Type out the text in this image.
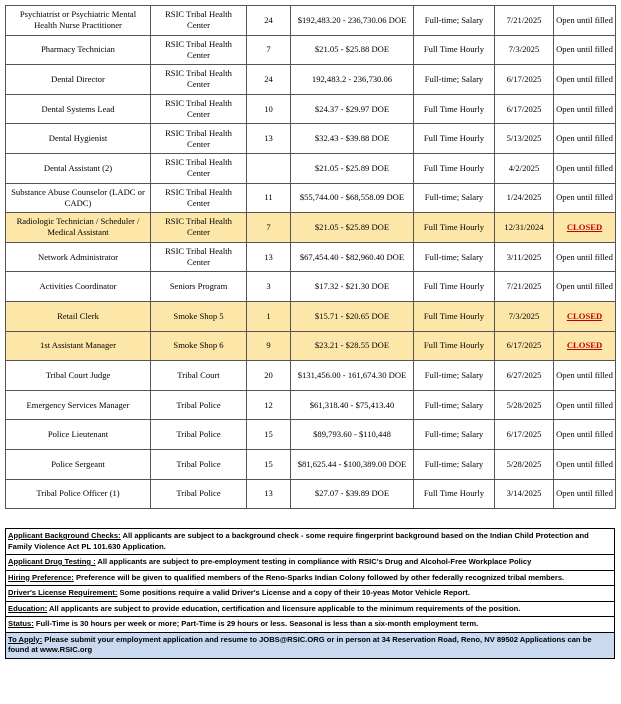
Psychiatrist or Psychiatric Mental Health Nurse Practitioner	RSIC Tribal Health Center	24	$192,483.20 - 236,730.06 DOE	Full-time; Salary	7/21/2025	Open until filled
Pharmacy Technician	RSIC Tribal Health Center	7	$21.05 - $25.88 DOE	Full Time Hourly	7/3/2025	Open until filled
Dental Director	RSIC Tribal Health Center	24	192,483.2 - 236,730.06	Full-time; Salary	6/17/2025	Open until filled
Dental Systems Lead	RSIC Tribal Health Center	10	$24.37 - $29.97 DOE	Full Time Hourly	6/17/2025	Open until filled
Dental Hygienist	RSIC Tribal Health Center	13	$32.43 - $39.88 DOE	Full Time Hourly	5/13/2025	Open until filled
Dental Assistant (2)	RSIC Tribal Health Center		$21.05 - $25.89 DOE	Full Time Hourly	4/2/2025	Open until filled
Substance Abuse Counselor (LADC or CADC)	RSIC Tribal Health Center	11	$55,744.00 - $68,558.09 DOE	Full-time; Salary	1/24/2025	Open until filled
Radiologic Technician / Scheduler / Medical Assistant	RSIC Tribal Health Center	7	$21.05 - $25.89 DOE	Full Time Hourly	12/31/2024	CLOSED
Network Administrator	RSIC Tribal Health Center	13	$67,454.40 - $82,960.40 DOE	Full-time; Salary	3/11/2025	Open until filled
Activities Coordinator	Seniors Program	3	$17.32 - $21.30 DOE	Full Time Hourly	7/21/2025	Open until filled
Retail Clerk	Smoke Shop 5	1	$15.71 - $20.65 DOE	Full Time Hourly	7/3/2025	CLOSED
1st Assistant Manager	Smoke Shop 6	9	$23.21 - $28.55 DOE	Full Time Hourly	6/17/2025	CLOSED
Tribal Court Judge	Tribal Court	20	$131,456.00 - 161,674.30 DOE	Full-time; Salary	6/27/2025	Open until filled
Emergency Services Manager	Tribal Police	12	$61,318.40 - $75,413.40	Full-time; Salary	5/28/2025	Open until filled
Police Lieutenant	Tribal Police	15	$89,793.60 - $110,448	Full-time; Salary	6/17/2025	Open until filled
Police Sergeant	Tribal Police	15	$81,625.44 - $100,389.00 DOE	Full-time; Salary	5/28/2025	Open until filled
Tribal Police Officer (1)	Tribal Police	13	$27.07 - $39.89 DOE	Full Time Hourly	3/14/2025	Open until filled
Applicant Background Checks: All applicants are subject to a background check - some require fingerprint background based on the Indian Child Protection and Family Violence Act PL 101.630 Application.
Applicant Drug Testing : All applicants are subject to pre-employment testing in compliance with RSIC's Drug and Alcohol-Free Workplace Policy
Hiring Preference: Preference will be given to qualified members of the Reno-Sparks Indian Colony followed by other federally recognized tribal members.
Driver's License Requirement: Some positions require a valid Driver's License and a copy of their 10-yeas Motor Vehicle Report.
Education: All applicants are subject to provide education, certification and licensure applicable to the minimum requirements of the position.
Status: Full-Time is 30 hours per week or more; Part-Time is 29 hours or less. Seasonal is less than a six-month employment term.
To Apply: Please submit your employment application and resume to JOBS@RSIC.ORG or in person at 34 Reservation Road, Reno, NV 89502 Applications can be found at www.RSIC.org
